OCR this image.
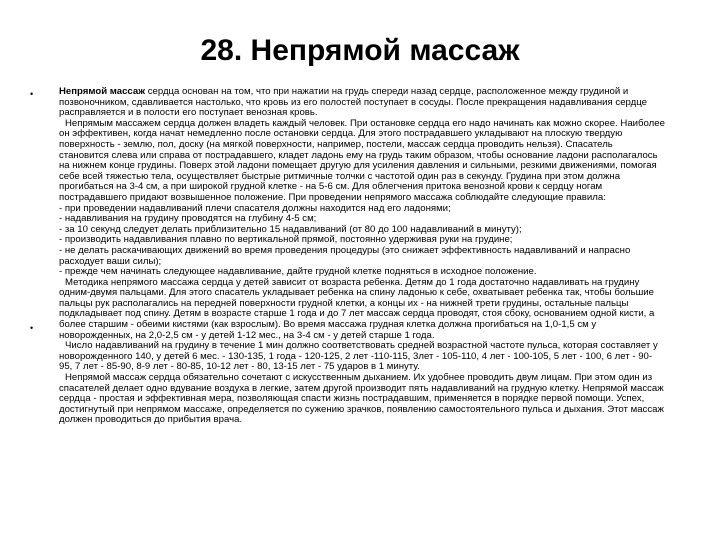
28. Непрямой массаж
•
•

Непрямой массаж сердца основан на том, что при нажатии на грудь спереди назад сердце, расположенное между грудиной и позвоночником, сдавливается настолько, что кровь из его полостей поступает в сосуды. После прекращения надавливания сердце расправляется и в полости его поступает венозная кровь.

Непрямым массажем сердца должен владеть каждый человек. При остановке сердца его надо начинать как можно скорее. Наиболее он эффективен, когда начат немедленно после остановки сердца. Для этого пострадавшего укладывают на плоскую твердую поверхность - землю, пол, доску (на мягкой поверхности, например, постели, массаж сердца проводить нельзя). Спасатель становится слева или справа от пострадавшего, кладет ладонь ему на грудь таким образом, чтобы основание ладони располагалось на нижнем конце грудины. Поверх этой ладони помещает другую для усиления давления и сильными, резкими движениями, помогая себе всей тяжестью тела, осуществляет быстрые ритмичные толчки с частотой один раз в секунду. Грудина при этом должна прогибаться на 3-4 см, а при широкой грудной клетке - на 5-6 см. Для облегчения притока венозной крови к сердцу ногам пострадавшего придают возвышенное положение. При проведении непрямого массажа соблюдайте следующие правила:

- при проведении надавливаний плечи спасателя должны находится над его ладонями;

- надавливания на грудину проводятся на глубину 4-5 см;

- за 10 секунд следует делать приблизительно 15 надавливаний (от 80 до 100 надавливаний в минуту);

- производить надавливания плавно по вертикальной прямой, постоянно удерживая руки на грудине;

- не делать раскачивающих движений во время проведения процедуры (это снижает эффективность надавливаний и напрасно расходует ваши силы);

- прежде чем начинать следующее надавливание, дайте грудной клетке подняться в исходное положение.

Методика непрямого массажа сердца у детей зависит от возраста ребенка. Детям до 1 года достаточно надавливать на грудину одним-двумя пальцами. Для этого спасатель укладывает ребенка на спину ладонью к себе, охватывает ребенка так, чтобы большие пальцы рук располагались на передней поверхности грудной клетки, а концы их - на нижней трети грудины, остальные пальцы подкладывает под спину. Детям в возрасте старше 1 года и до 7 лет массаж сердца проводят, стоя сбоку, основанием одной кисти, а более старшим - обеими кистями (как взрослым). Во время массажа грудная клетка должна прогибаться на 1,0-1,5 см у новорожденных, на 2,0-2,5 см - у детей 1-12 мес., на 3-4 см - у детей старше 1 года.

Число надавливаний на грудину в течение 1 мин должно соответствовать средней возрастной частоте пульса, которая составляет у новорожденного 140, у детей 6 мес. - 130-135, 1 года - 120-125, 2 лет -110-115, 3лет - 105-110, 4 лет - 100-105, 5 лет - 100, 6 лет - 90-95, 7 лет - 85-90, 8-9 лет - 80-85, 10-12 лет - 80, 13-15 лет - 75 ударов в 1 минуту.

Непрямой массаж сердца обязательно сочетают с искусственным дыханием. Их удобнее проводить двум лицам. При этом один из спасателей делает одно вдувание воздуха в легкие, затем другой производит пять надавливаний на грудную клетку. Непрямой массаж сердца - простая и эффективная мера, позволяющая спасти жизнь пострадавшим, применяется в порядке первой помощи. Успех, достигнутый при непрямом массаже, определяется по сужению зрачков, появлению самостоятельного пульса и дыхания. Этот массаж должен проводиться до прибытия врача.
